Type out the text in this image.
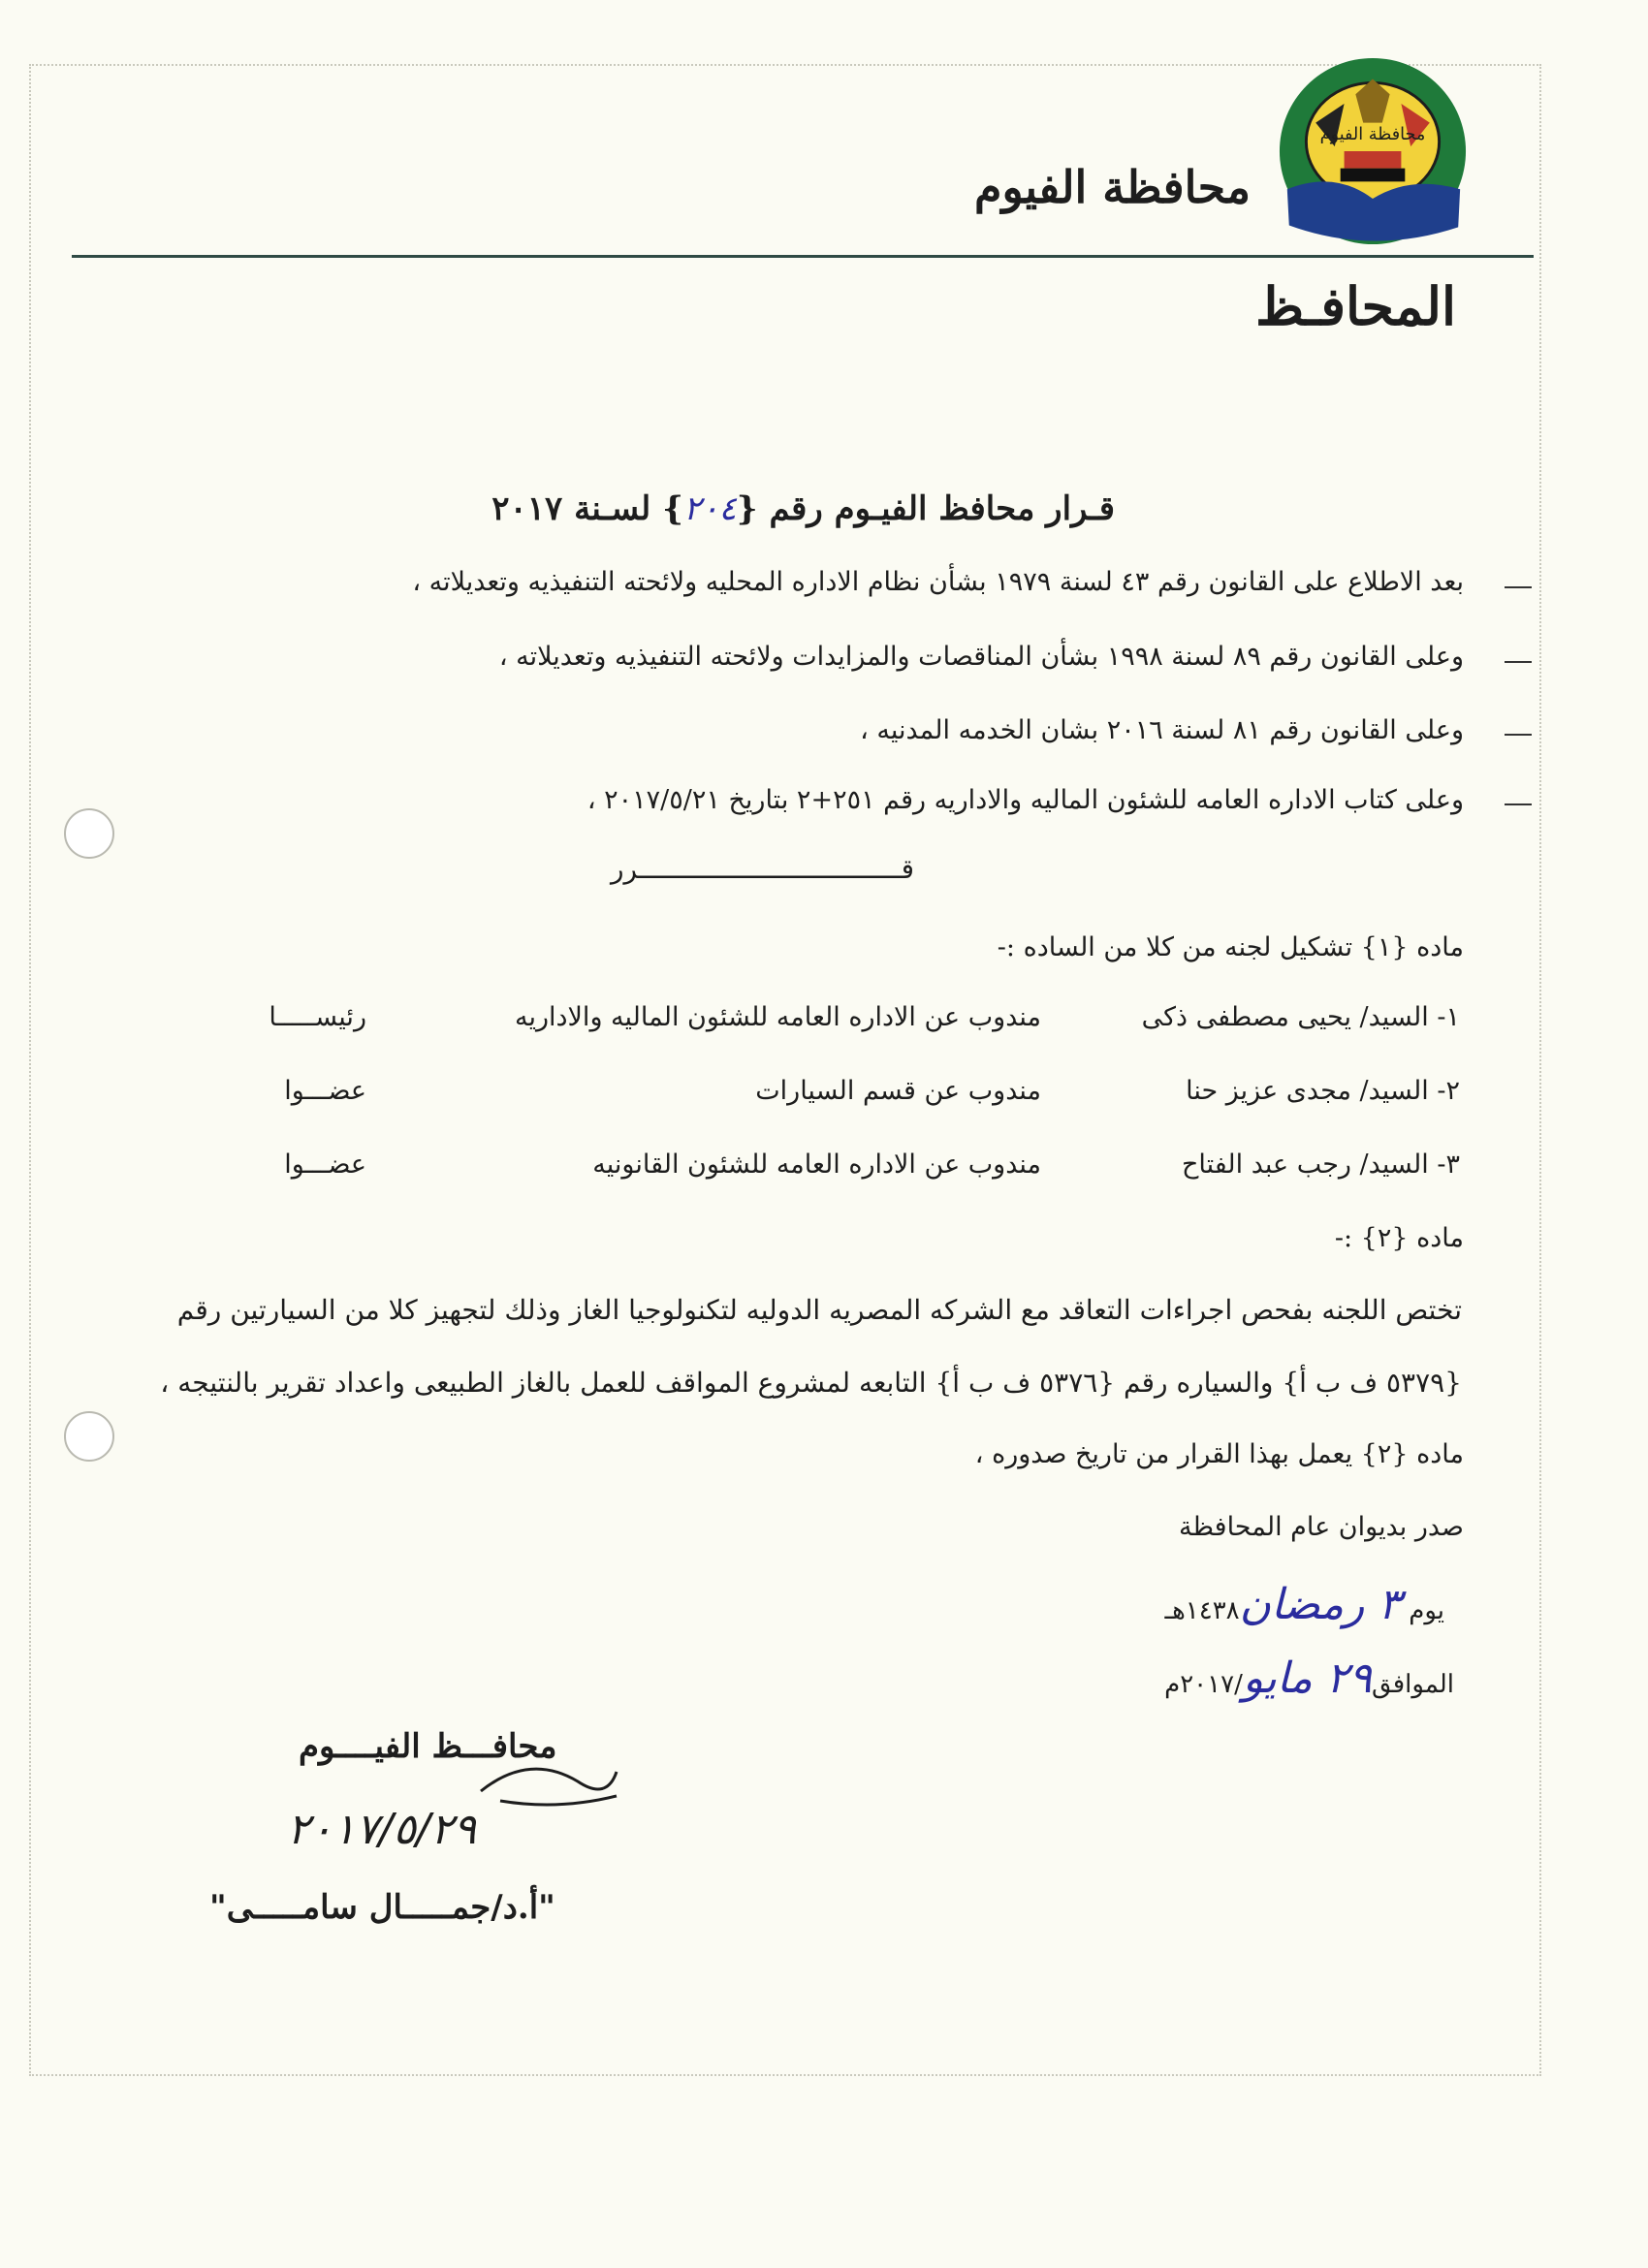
محافظة الفيوم
محافظة الفيوم
المحافـظ
قـرار محافظ الفيـوم رقم {٢٠٤} لسـنة ٢٠١٧
بعد الاطلاع على القانون رقم ٤٣ لسنة ١٩٧٩ بشأن نظام الاداره المحليه ولائحته التنفيذيه وتعديلاته ،
وعلى القانون رقم ٨٩ لسنة ١٩٩٨ بشأن المناقصات والمزايدات ولائحته التنفيذيه وتعديلاته ،
وعلى القانون رقم ٨١ لسنة ٢٠١٦ بشان الخدمه المدنيه ،
وعلى كتاب الاداره العامه للشئون الماليه والاداريه رقم ٢٥١+٢ بتاريخ ٢٠١٧/٥/٢١ ،
قـــــــــــــــــــــــــــــــــرر
ماده {١} تشكيل لجنه من كلا من الساده :-
١- السيد/ يحيى مصطفى ذكى
مندوب عن الاداره العامه للشئون الماليه والاداريه
رئيســـــا
٢- السيد/ مجدى عزيز حنا
مندوب عن قسم السيارات
عضـــوا
٣- السيد/ رجب عبد الفتاح
مندوب عن الاداره العامه للشئون القانونيه
عضـــوا
ماده {٢} :-
تختص اللجنه بفحص اجراءات التعاقد مع الشركه المصريه الدوليه لتكنولوجيا الغاز وذلك لتجهيز كلا من السيارتين رقم
{٥٣٧٩ ف ب أ} والسياره رقم {٥٣٧٦ ف ب أ} التابعه لمشروع المواقف للعمل بالغاز الطبيعى واعداد تقرير بالنتيجه ،
ماده {٢} يعمل بهذا القرار من تاريخ صدوره ،
صدر بديوان عام المحافظة
يوم ٣ رمضان١٤٣٨هـ
الموافق٢٩ مايو/٢٠١٧م
محافـــظ الفيــــوم
٢٠١٧/٥/٢٩
"أ.د/جمـــــال سامـــــى"
